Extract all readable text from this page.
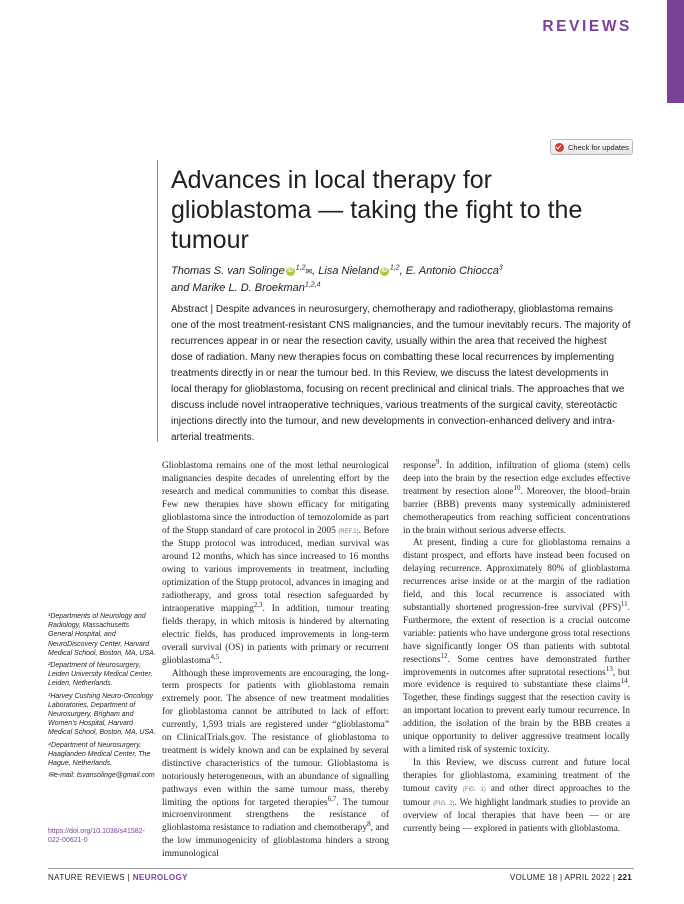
REVIEWS
Check for updates
Advances in local therapy for glioblastoma — taking the fight to the tumour
Thomas S. van Solinge iD $^{1,2}$✉, Lisa Nieland iD $^{1,2}$, E. Antonio Chiocca$^3$
and Marike L. D. Broekman$^{1,2,4}$

Abstract | Despite advances in neurosurgery, chemotherapy and radiotherapy, glioblastoma remains one of the most treatment-resistant CNS malignancies, and the tumour inevitably recurs. The majority of recurrences appear in or near the resection cavity, usually within the area that received the highest dose of radiation. Many new therapies focus on combatting these local recurrences by implementing treatments directly in or near the tumour bed. In this Review, we discuss the latest developments in local therapy for glioblastoma, focusing on recent preclinical and clinical trials. The approaches that we discuss include novel intraoperative techniques, various treatments of the surgical cavity, stereotactic injections directly into the tumour, and new developments in convection-enhanced delivery and intra-arterial treatments.

Glioblastoma remains one of the most lethal neurological malignancies despite decades of unrelenting effort by the research and medical communities to combat this disease. Few new therapies have shown efficacy for mitigating glioblastoma since the introduction of temozolomide as part of the Stupp standard of care protocol in 2005 (REF.1). Before the Stupp protocol was introduced, median survival was around 12 months, which has since increased to 16 months owing to various improvements in treatment, including optimization of the Stupp protocol, advances in imaging and radiotherapy, and gross total resection safeguarded by intraoperative mapping$^{2,3}$. In addition, tumour treating fields therapy, in which mitosis is hindered by alternating electric fields, has produced improvements in long-term overall survival (OS) in patients with primary or recurrent glioblastoma$^{4,5}$.

Although these improvements are encouraging, the long-term prospects for patients with glioblastoma remain extremely poor. The absence of new treatment modalities for glioblastoma cannot be attributed to lack of effort: currently, 1,593 trials are registered under “glioblastoma” on ClinicalTrials.gov. The resistance of glioblastoma to treatment is widely known and can be explained by several distinctive characteristics of the tumour. Glioblastoma is notoriously heterogeneous, with an abundance of signalling pathways even within the same tumour mass, thereby limiting the options for targeted therapies$^{6,7}$. The tumour microenvironment strengthens the resistance of glioblastoma resistance to radiation and chemotherapy$^8$, and the low immunogenicity of glioblastoma hinders a strong immunological

response$^9$. In addition, infiltration of glioma (stem) cells deep into the brain by the resection edge excludes effective treatment by resection alone$^{10}$. Moreover, the blood–brain barrier (BBB) prevents many systemically administered chemotherapeutics from reaching sufficient concentrations in the brain without serious adverse effects.

At present, finding a cure for glioblastoma remains a distant prospect, and efforts have instead been focused on delaying recurrence. Approximately 80% of glioblastoma recurrences arise inside or at the margin of the radiation field, and this local recurrence is associated with substantially shortened progression-free survival (PFS)$^{11}$. Furthermore, the extent of resection is a crucial outcome variable: patients who have undergone gross total resections have significantly longer OS than patients with subtotal resections$^{12}$. Some centres have demonstrated further improvements in outcomes after supratotal resections$^{13}$, but more evidence is required to substantiate these claims$^{14}$. Together, these findings suggest that the resection cavity is an important location to prevent early tumour recurrence. In addition, the isolation of the brain by the BBB creates a unique opportunity to deliver aggressive treatment locally with a limited risk of systemic toxicity.

In this Review, we discuss current and future local therapies for glioblastoma, examining treatment of the tumour cavity (FIG. 1) and other direct approaches to the tumour (FIG. 2). We highlight landmark studies to provide an overview of local therapies that have been — or are currently being — explored in patients with glioblastoma.

¹Departments of Neurology and Radiology, Massachusetts General Hospital, and NeuroDiscovery Center, Harvard Medical School, Boston, MA, USA.

²Department of Neurosurgery, Leiden University Medical Center, Leiden, Netherlands.

³Harvey Cushing Neuro-Oncology Laboratories, Department of Neurosurgery, Brigham and Women’s Hospital, Harvard Medical School, Boston, MA, USA.

⁴Department of Neurosurgery, Haaglanden Medical Center, The Hague, Netherlands.

✉e-mail: tsvansolinge@gmail.com

https://doi.org/10.1038/s41582-022-00621-0
NATURE REVIEWS | NEUROLOGY	VOLUME 18 | APRIL 2022 | 221
